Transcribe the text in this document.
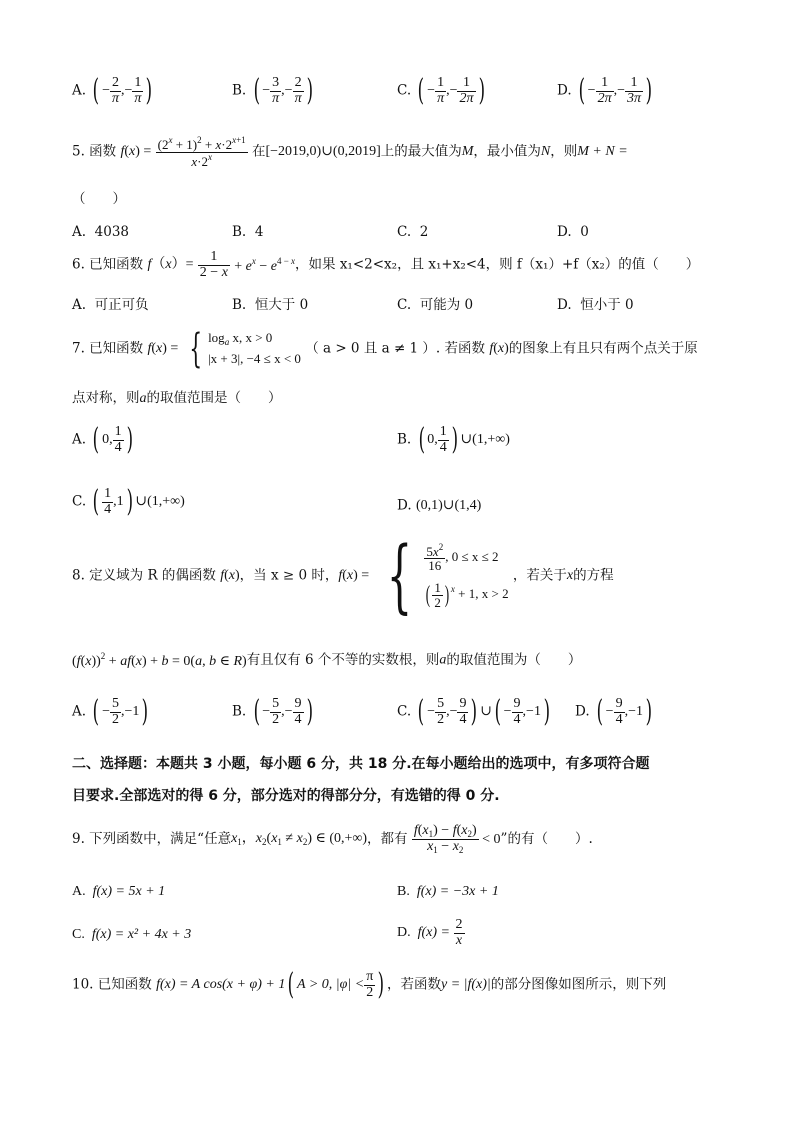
A. ( − $\frac{2}{\pi}$ ,− $\frac{1}{\pi}$ )	B. ( − $\frac{3}{\pi}$ ,− $\frac{2}{\pi}$ )	C. ( − $\frac{1}{\pi}$ ,− $\frac{1}{2\pi}$ )	D. ( − $\frac{1}{2\pi}$ ,− $\frac{1}{3\pi}$ )
5. 函数 $f(x) = \frac{(2^x + 1)^2 + x\cdot 2^{x+1}}{x\cdot 2^x}$ 在[−2019,0)∪(0,2019]上的最大值为M，最小值为N，则M + N =
（　　）
A. 4038	B. 4	C. 2	D. 0
6. 已知函数 $f(x)= \frac{1}{2 - x} + e^x - e^{4 - x}$，如果 x₁<2<x₂，且 x₁+x₂<4，则 f（x₁）+f（x₂）的值（　　）
A. 可正可负	B. 恒大于 0	C. 可能为 0	D. 恒小于 0
7. 已知函数 f(x) = { $\log_a x$, x > 0
|x + 3|, −4 ≤ x < 0
（ a > 0 且 a ≠ 1 ）. 若函数 f(x)的图象上有且只有两个点关于原
点对称，则a的取值范围是（　　）
A. ( 0, $\frac{1}{4}$ )	B. ( 0, $\frac{1}{4}$ ) ∪(1,+∞)
C. ( $\frac{1}{4} ,1$) ∪(1,+∞)	D. (0,1)∪(1,4)
8. 定义域为 R 的偶函数 f(x)，当 x ≥ 0 时，f(x) = { $\frac{5x^2}{16}$ , 0 ≤ x ≤ 2
( $\frac{1}{2}$ ) $^x$ + 1, x > 2
，若关于x的方程
$(f(x))^2 + af(x) + b = 0(a$, b ∈ R)有且仅有 6 个不等的实数根，则a的取值范围为（　　）
A. ( − $\frac{5}{2} ,-1$)	B. ( − $\frac{5}{2}$ ,− $\frac{9}{4}$ )	C. ( − $\frac{5}{2}$ ,− $\frac{9}{4}$ ) ∪( − $\frac{9}{4} ,-1$) D. ( − $\frac{9}{4} ,-1$)
二、选择题：本题共 3 小题，每小题 6 分，共 18 分.在每小题给出的选项中，有多项符合题
目要求.全部选对的得 6 分，部分选对的得部分分，有选错的得 0 分.
9. 下列函数中，满足“任意$x_1$，$x_2(x_1 \ne x_2)$ ∈ (0,+∞)，都有 $\frac{f(x_1) - f(x_2)}{x_1 - x_2} < 0$”的有（　　）.
A. f(x) = 5x + 1	B. f(x) = −3x + 1
C. f(x) = x² + 4x + 3	D. $f(x) = \frac{2}{x}$
10. 已知函数 f(x) = A cos(x + φ) + 1( A > 0, $|\varphi| < \frac{\pi}{2}$ ) ，若函数y = |f(x)|的部分图像如图所示，则下列
